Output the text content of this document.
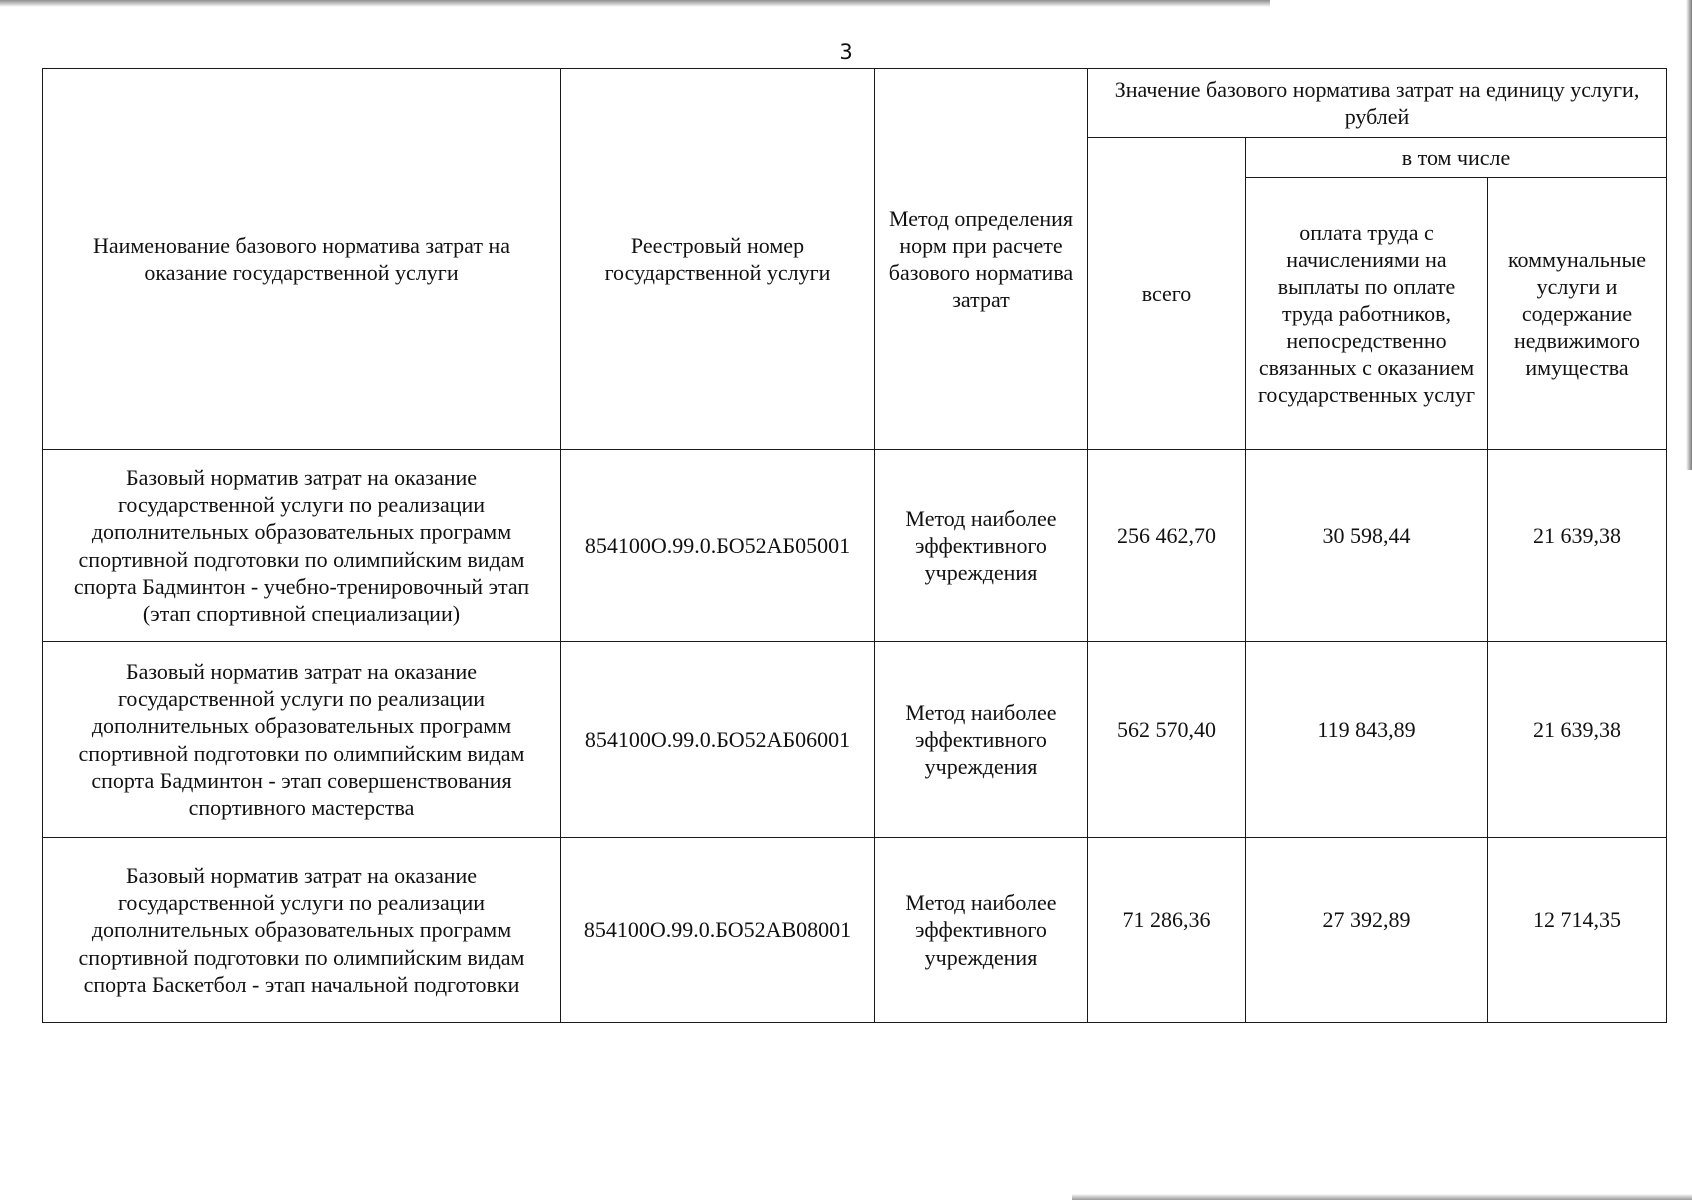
3
Наименование базового норматива затрат на оказание государственной услуги	Реестровый номер государственной услуги	Метод определения норм при расчете базового норматива затрат	Значение базового норматива затрат на единицу услуги, рублей		
			всего	в том числе	
				оплата труда с начислениями на выплаты по оплате труда работников, непосредственно связанных с оказанием государственных услуг	коммунальные услуги и содержание недвижимого имущества
Базовый норматив затрат на оказание государственной услуги по реализации дополнительных образовательных программ спортивной подготовки по олимпийским видам спорта Бадминтон - учебно-тренировочный этап (этап спортивной специализации)	854100О.99.0.БО52АБ05001	Метод наиболее эффективного учреждения	256 462,70	30 598,44	21 639,38
Базовый норматив затрат на оказание государственной услуги по реализации дополнительных образовательных программ спортивной подготовки по олимпийским видам спорта Бадминтон - этап совершенствования спортивного мастерства	854100О.99.0.БО52АБ06001	Метод наиболее эффективного учреждения	562 570,40	119 843,89	21 639,38
Базовый норматив затрат на оказание государственной услуги по реализации дополнительных образовательных программ спортивной подготовки по олимпийским видам спорта Баскетбол - этап начальной подготовки	854100О.99.0.БО52АВ08001	Метод наиболее эффективного учреждения	71 286,36	27 392,89	12 714,35
